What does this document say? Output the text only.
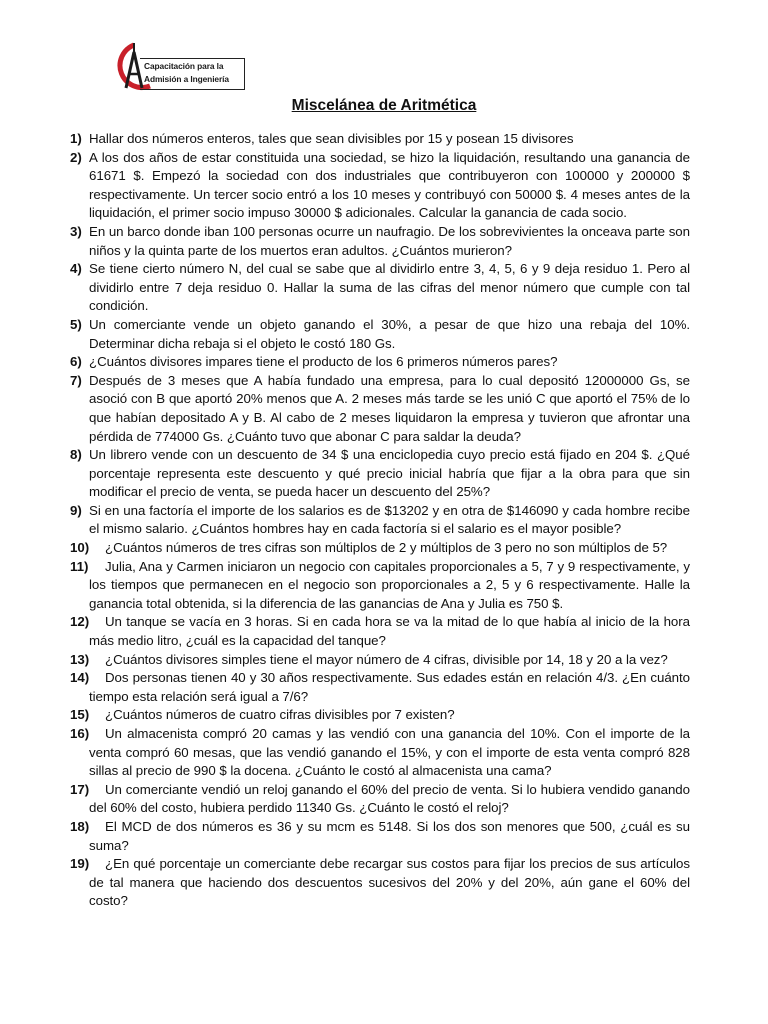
Capacitación para la
Admisión a Ingeniería
Miscelánea de Aritmética
1) Hallar dos números enteros, tales que sean divisibles por 15 y posean 15 divisores
2) A los dos años de estar constituida una sociedad, se hizo la liquidación, resultando una ganancia de 61671 $. Empezó la sociedad con dos industriales que contribuyeron con 100000 y 200000 $ respectivamente. Un tercer socio entró a los 10 meses y contribuyó con 50000 $. 4 meses antes de la liquidación, el primer socio impuso 30000 $ adicionales. Calcular la ganancia de cada socio.
3) En un barco donde iban 100 personas ocurre un naufragio. De los sobrevivientes la onceava parte son niños y la quinta parte de los muertos eran adultos. ¿Cuántos murieron?
4) Se tiene cierto número N, del cual se sabe que al dividirlo entre 3, 4, 5, 6 y 9 deja residuo 1. Pero al dividirlo entre 7 deja residuo 0. Hallar la suma de las cifras del menor número que cumple con tal condición.
5) Un comerciante vende un objeto ganando el 30%, a pesar de que hizo una rebaja del 10%. Determinar dicha rebaja si el objeto le costó 180 Gs.
6) ¿Cuántos divisores impares tiene el producto de los 6 primeros números pares?
7) Después de 3 meses que A había fundado una empresa, para lo cual depositó 12000000 Gs, se asoció con B que aportó 20% menos que A. 2 meses más tarde se les unió C que aportó el 75% de lo que habían depositado A y B. Al cabo de 2 meses liquidaron la empresa y tuvieron que afrontar una pérdida de 774000 Gs. ¿Cuánto tuvo que abonar C para saldar la deuda?
8) Un librero vende con un descuento de 34 $ una enciclopedia cuyo precio está fijado en 204 $. ¿Qué porcentaje representa este descuento y qué precio inicial habría que fijar a la obra para que sin modificar el precio de venta, se pueda hacer un descuento del 25%?
9) Si en una factoría el importe de los salarios es de $13202 y en otra de $146090 y cada hombre recibe el mismo salario. ¿Cuántos hombres hay en cada factoría si el salario es el mayor posible?
10)	¿Cuántos números de tres cifras son múltiplos de 2 y múltiplos de 3 pero no son múltiplos de 5?
11)	Julia, Ana y Carmen iniciaron un negocio con capitales proporcionales a 5, 7 y 9 respectivamente, y los tiempos que permanecen en el negocio son proporcionales a 2, 5 y 6 respectivamente. Halle la ganancia total obtenida, si la diferencia de las ganancias de Ana y Julia es 750 $.
12)	Un tanque se vacía en 3 horas. Si en cada hora se va la mitad de lo que había al inicio de la hora más medio litro, ¿cuál es la capacidad del tanque?
13)	¿Cuántos divisores simples tiene el mayor número de 4 cifras, divisible por 14, 18 y 20 a la vez?
14)	Dos personas tienen 40 y 30 años respectivamente. Sus edades están en relación 4/3. ¿En cuánto tiempo esta relación será igual a 7/6?
15)	¿Cuántos números de cuatro cifras divisibles por 7 existen?
16)	Un almacenista compró 20 camas y las vendió con una ganancia del 10%. Con el importe de la venta compró 60 mesas, que las vendió ganando el 15%, y con el importe de esta venta compró 828 sillas al precio de 990 $ la docena. ¿Cuánto le costó al almacenista una cama?
17)	Un comerciante vendió un reloj ganando el 60% del precio de venta. Si lo hubiera vendido ganando del 60% del costo, hubiera perdido 11340 Gs. ¿Cuánto le costó el reloj?
18)	El MCD de dos números es 36 y su mcm es 5148. Si los dos son menores que 500, ¿cuál es su suma?
19)	¿En qué porcentaje un comerciante debe recargar sus costos para fijar los precios de sus artículos de tal manera que haciendo dos descuentos sucesivos del 20% y del 20%, aún gane el 60% del costo?
